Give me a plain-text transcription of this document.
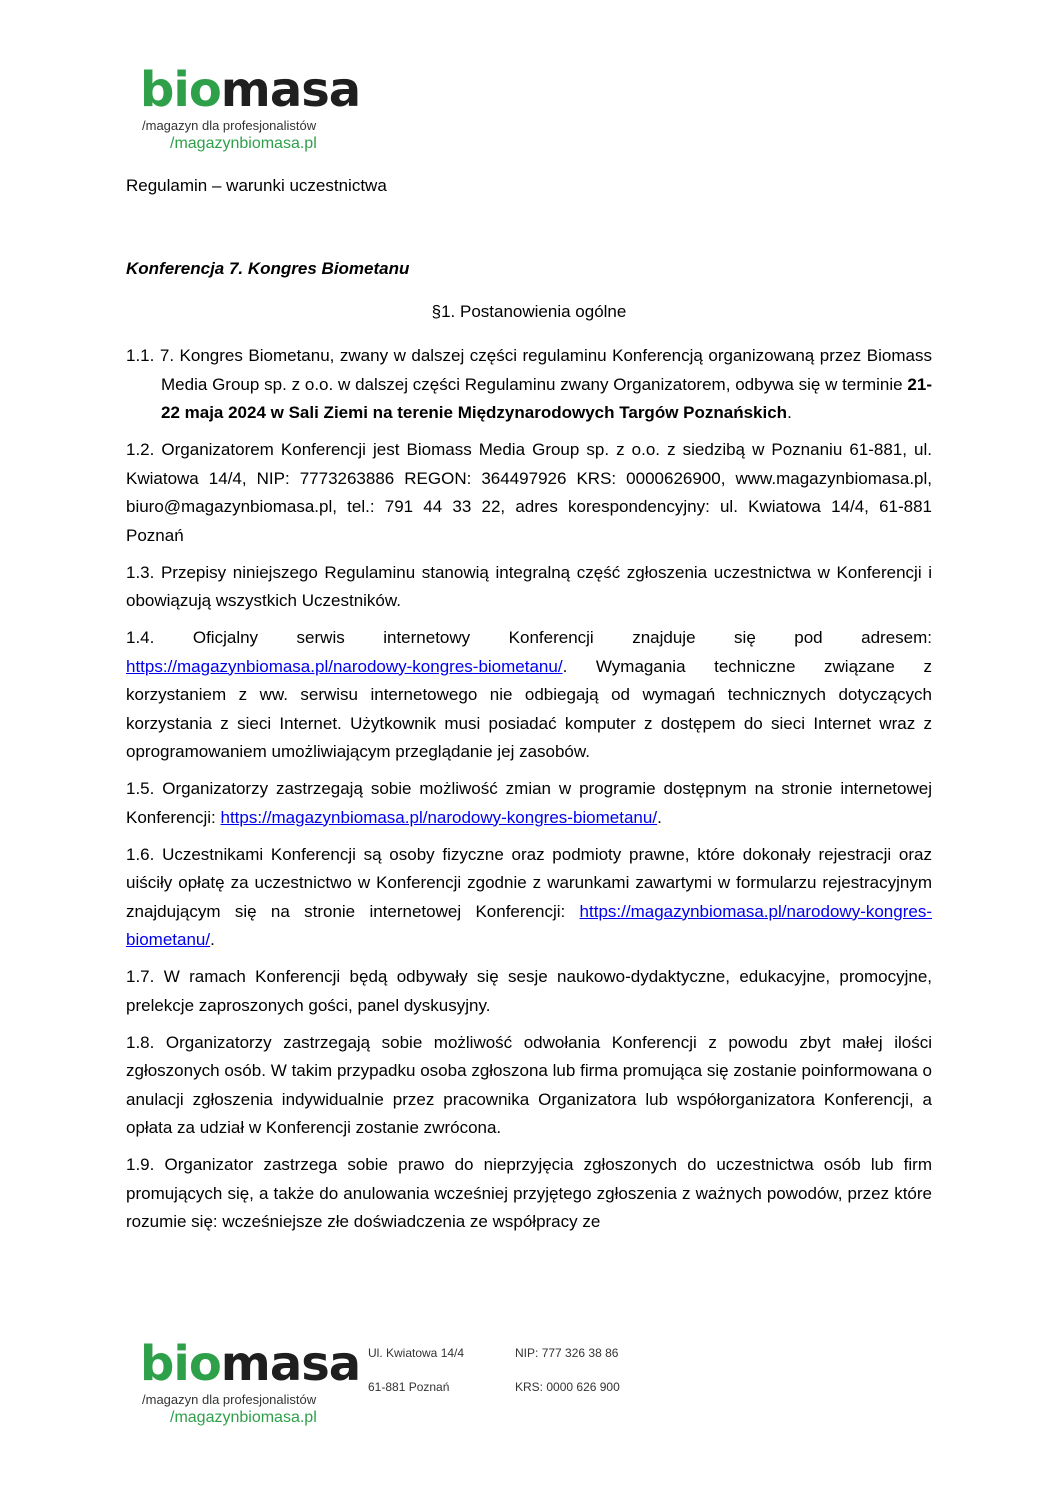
biomasa
/magazyn dla profesjonalistów
/magazynbiomasa.pl
Regulamin – warunki uczestnictwa
Konferencja 7. Kongres Biometanu
§1. Postanowienia ogólne

1.1. 7. Kongres Biometanu, zwany w dalszej części regulaminu Konferencją organizowaną przez Biomass Media Group sp. z o.o. w dalszej części Regulaminu zwany Organizatorem, odbywa się w terminie 21-22 maja 2024 w Sali Ziemi na terenie Międzynarodowych Targów Poznańskich.

1.2. Organizatorem Konferencji jest Biomass Media Group sp. z o.o. z siedzibą w Poznaniu 61-881, ul. Kwiatowa 14/4, NIP: 7773263886 REGON: 364497926 KRS: 0000626900, www.magazynbiomasa.pl, biuro@magazynbiomasa.pl, tel.: 791 44 33 22, adres korespondencyjny: ul. Kwiatowa 14/4, 61-881 Poznań

1.3. Przepisy niniejszego Regulaminu stanowią integralną część zgłoszenia uczestnictwa w Konferencji i obowiązują wszystkich Uczestników.

1.4. Oficjalny serwis internetowy Konferencji znajduje się pod adresem: https://magazynbiomasa.pl/narodowy-kongres-biometanu/. Wymagania techniczne związane z korzystaniem z ww. serwisu internetowego nie odbiegają od wymagań technicznych dotyczących korzystania z sieci Internet. Użytkownik musi posiadać komputer z dostępem do sieci Internet wraz z oprogramowaniem umożliwiającym przeglądanie jej zasobów.

1.5. Organizatorzy zastrzegają sobie możliwość zmian w programie dostępnym na stronie internetowej Konferencji: https://magazynbiomasa.pl/narodowy-kongres-biometanu/.

1.6. Uczestnikami Konferencji są osoby fizyczne oraz podmioty prawne, które dokonały rejestracji oraz uiściły opłatę za uczestnictwo w Konferencji zgodnie z warunkami zawartymi w formularzu rejestracyjnym znajdującym się na stronie internetowej Konferencji: https://magazynbiomasa.pl/narodowy-kongres-biometanu/.

1.7. W ramach Konferencji będą odbywały się sesje naukowo-dydaktyczne, edukacyjne, promocyjne, prelekcje zaproszonych gości, panel dyskusyjny.

1.8. Organizatorzy zastrzegają sobie możliwość odwołania Konferencji z powodu zbyt małej ilości zgłoszonych osób. W takim przypadku osoba zgłoszona lub firma promująca się zostanie poinformowana o anulacji zgłoszenia indywidualnie przez pracownika Organizatora lub współorganizatora Konferencji, a opłata za udział w Konferencji zostanie zwrócona.

1.9. Organizator zastrzega sobie prawo do nieprzyjęcia zgłoszonych do uczestnictwa osób lub firm promujących się, a także do anulowania wcześniej przyjętego zgłoszenia z ważnych powodów, przez które rozumie się: wcześniejsze złe doświadczenia ze współpracy ze

biomasa
/magazyn dla profesjonalistów
/magazynbiomasa.pl
Ul. Kwiatowa 14/4
61-881 Poznań
NIP: 777 326 38 86
KRS: 0000 626 900
